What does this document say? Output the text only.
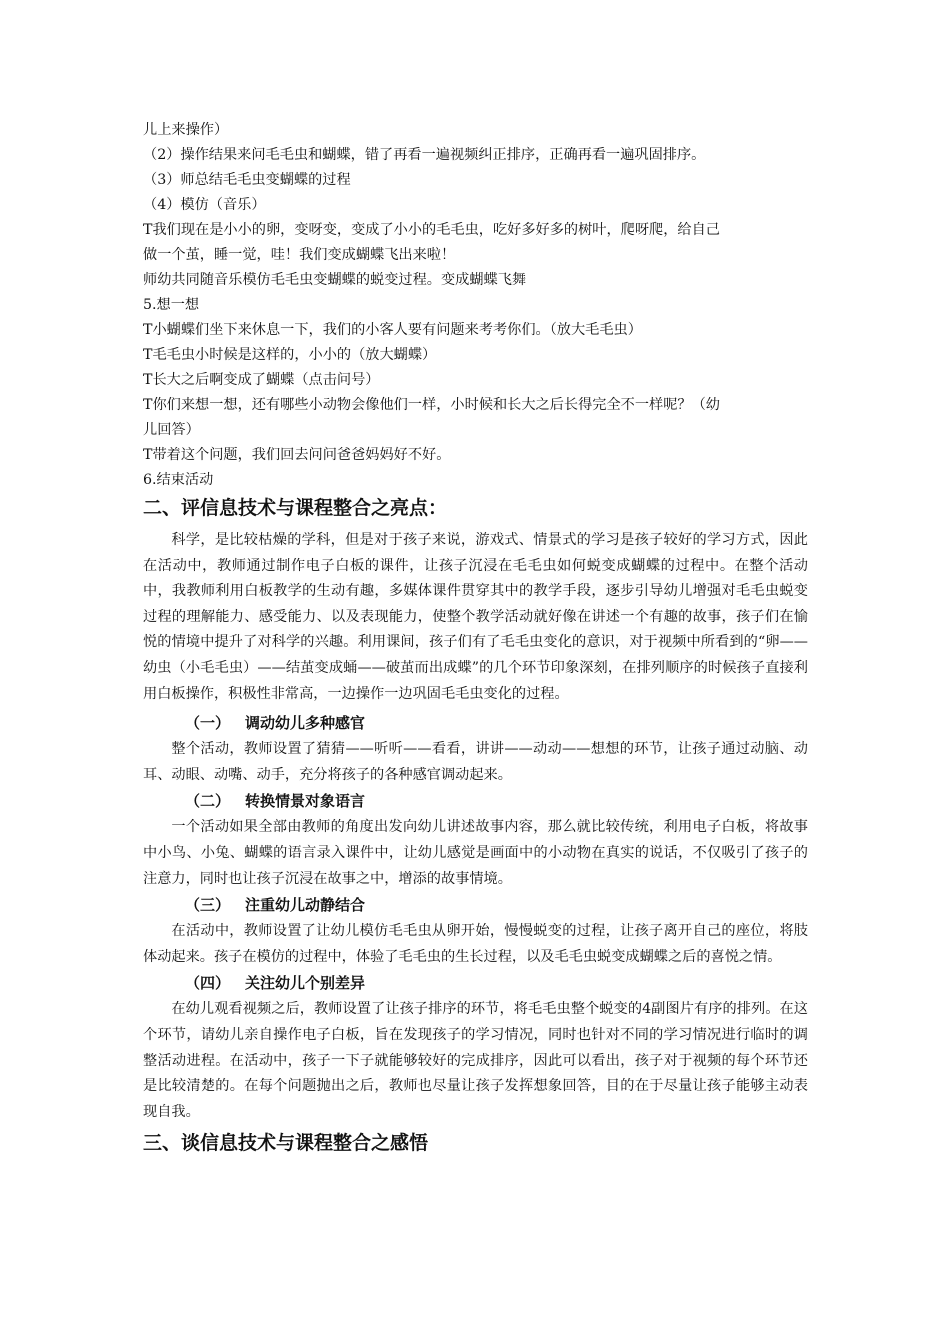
儿上来操作）
（2）操作结果来问毛毛虫和蝴蝶，错了再看一遍视频纠正排序，正确再看一遍巩固排序。
（3）师总结毛毛虫变蝴蝶的过程
（4）模仿（音乐）
T我们现在是小小的卵，变呀变，变成了小小的毛毛虫，吃好多好多的树叶，爬呀爬，给自己
做一个茧，睡一觉，哇！我们变成蝴蝶飞出来啦！
师幼共同随音乐模仿毛毛虫变蝴蝶的蜕变过程。变成蝴蝶飞舞
5.想一想
T小蝴蝶们坐下来休息一下，我们的小客人要有问题来考考你们。（放大毛毛虫）
T毛毛虫小时候是这样的，小小的（放大蝴蝶）
T长大之后啊变成了蝴蝶（点击问号）
T你们来想一想，还有哪些小动物会像他们一样，小时候和长大之后长得完全不一样呢？（幼
儿回答）
T带着这个问题，我们回去问问爸爸妈妈好不好。
6.结束活动
二、评信息技术与课程整合之亮点：
科学，是比较枯燥的学科，但是对于孩子来说，游戏式、情景式的学习是孩子较好的学习方式，因此在活动中，教师通过制作电子白板的课件，让孩子沉浸在毛毛虫如何蜕变成蝴蝶的过程中。在整个活动中，我教师利用白板教学的生动有趣，多媒体课件贯穿其中的教学手段，逐步引导幼儿增强对毛毛虫蜕变过程的理解能力、感受能力、以及表现能力，使整个教学活动就好像在讲述一个有趣的故事，孩子们在愉悦的情境中提升了对科学的兴趣。利用课间，孩子们有了毛毛虫变化的意识，对于视频中所看到的“卵——幼虫（小毛毛虫）——结茧变成蛹——破茧而出成蝶”的几个环节印象深刻，在排列顺序的时候孩子直接利用白板操作，积极性非常高，一边操作一边巩固毛毛虫变化的过程。
（一） 调动幼儿多种感官
整个活动，教师设置了猜猜——听听——看看，讲讲——动动——想想的环节，让孩子通过动脑、动耳、动眼、动嘴、动手，充分将孩子的各种感官调动起来。
（二） 转换情景对象语言
一个活动如果全部由教师的角度出发向幼儿讲述故事内容，那么就比较传统，利用电子白板，将故事中小鸟、小兔、蝴蝶的语言录入课件中，让幼儿感觉是画面中的小动物在真实的说话，不仅吸引了孩子的注意力，同时也让孩子沉浸在故事之中，增添的故事情境。
（三） 注重幼儿动静结合
在活动中，教师设置了让幼儿模仿毛毛虫从卵开始，慢慢蜕变的过程，让孩子离开自己的座位，将肢体动起来。孩子在模仿的过程中，体验了毛毛虫的生长过程，以及毛毛虫蜕变成蝴蝶之后的喜悦之情。
（四） 关注幼儿个别差异
在幼儿观看视频之后，教师设置了让孩子排序的环节，将毛毛虫整个蜕变的4副图片有序的排列。在这个环节，请幼儿亲自操作电子白板，旨在发现孩子的学习情况，同时也针对不同的学习情况进行临时的调整活动进程。在活动中，孩子一下子就能够较好的完成排序，因此可以看出，孩子对于视频的每个环节还是比较清楚的。在每个问题抛出之后，教师也尽量让孩子发挥想象回答，目的在于尽量让孩子能够主动表现自我。
三、谈信息技术与课程整合之感悟
